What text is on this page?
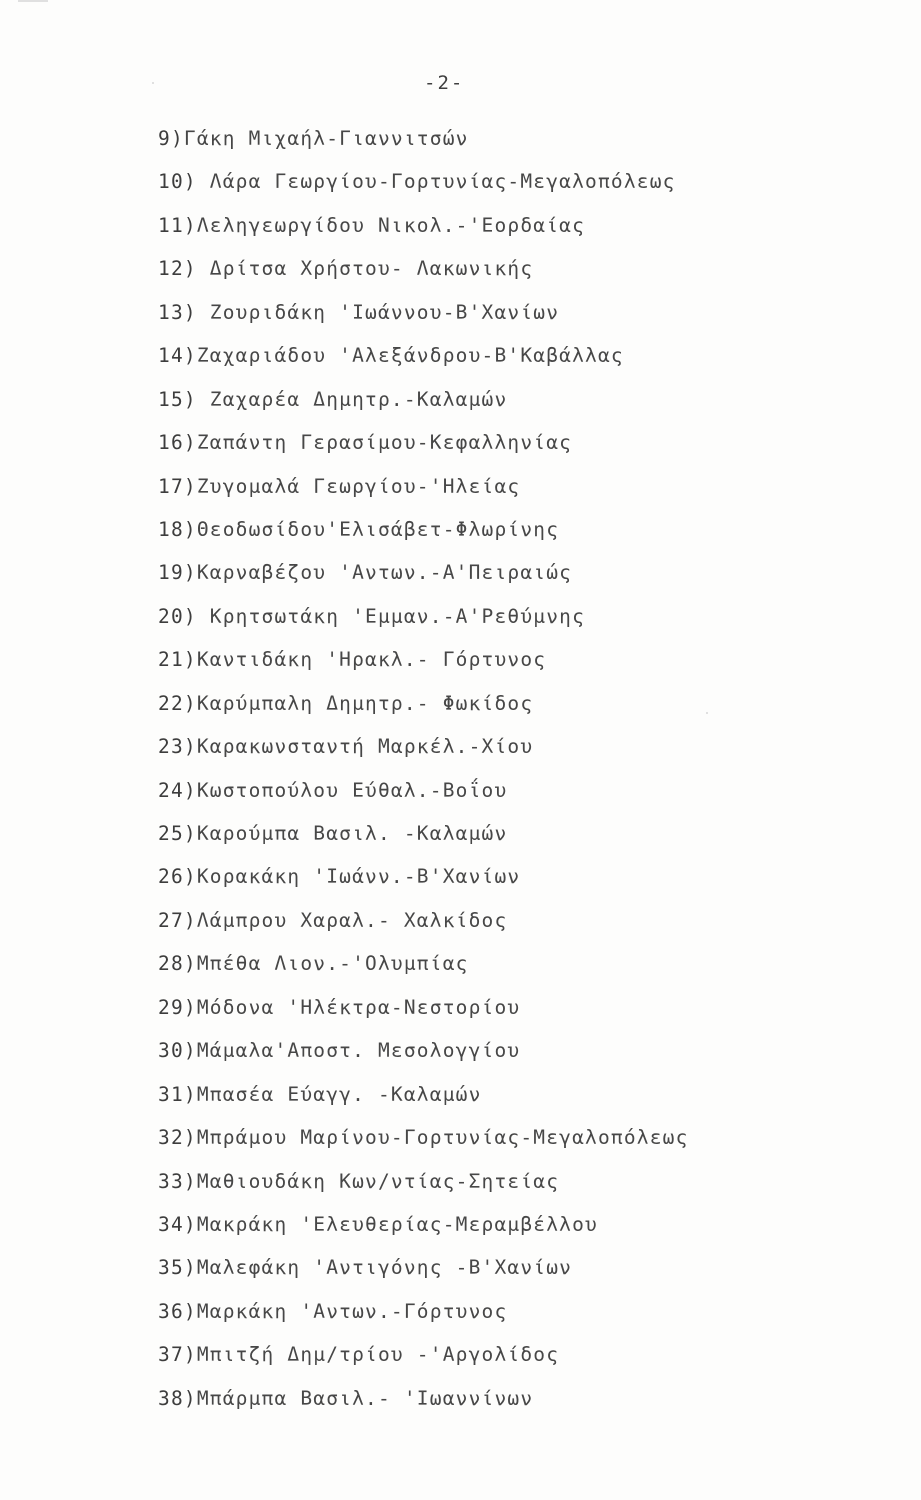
-2-
9)Γάκη Μιχαήλ-Γιαννιτσών
10) Λάρα Γεωργίου-Γορτυνίας-Μεγαλοπόλεως
11)Λεληγεωργίδου Νικολ.-'Εορδαίας
12) Δρίτσα Χρήστου- Λακωνικής
13) Ζουριδάκη 'Ιωάννου-Β'Χανίων
14)Ζαχαριάδου 'Αλεξάνδρου-Β'Καβάλλας
15) Ζαχαρέα Δημητρ.-Καλαμών
16)Ζαπάντη Γερασίμου-Κεφαλληνίας
17)Ζυγομαλά Γεωργίου-'Ηλείας
18)Θεοδωσίδου'Ελισάβετ-Φλωρίνης
19)Καρναβέζου 'Αντων.-Α'Πειραιώς
20) Κρητσωτάκη 'Εμμαν.-Α'Ρεθύμνης
21)Καντιδάκη 'Ηρακλ.- Γόρτυνος
22)Καρύμπαλη Δημητρ.- Φωκίδος
23)Καρακωνσταντή Μαρκέλ.-Χίου
24)Κωστοπούλου Εύθαλ.-Βοΐου
25)Καρούμπα Βασιλ. -Καλαμών
26)Κορακάκη 'Ιωάνν.-Β'Χανίων
27)Λάμπρου Χαραλ.- Χαλκίδος
28)Μπέθα Λιον.-'Ολυμπίας
29)Μόδονα 'Ηλέκτρα-Νεστορίου
30)Μάμαλα'Αποστ. Μεσολογγίου
31)Μπασέα Εύαγγ. -Καλαμών
32)Μπράμου Μαρίνου-Γορτυνίας-Μεγαλοπόλεως
33)Μαθιουδάκη Κων/ντίας-Σητείας
34)Μακράκη 'Ελευθερίας-Μεραμβέλλου
35)Μαλεφάκη 'Αντιγόνης -Β'Χανίων
36)Μαρκάκη 'Αντων.-Γόρτυνος
37)Μπιτζή Δημ/τρίου -'Αργολίδος
38)Μπάρμπα Βασιλ.- 'Ιωαννίνων
